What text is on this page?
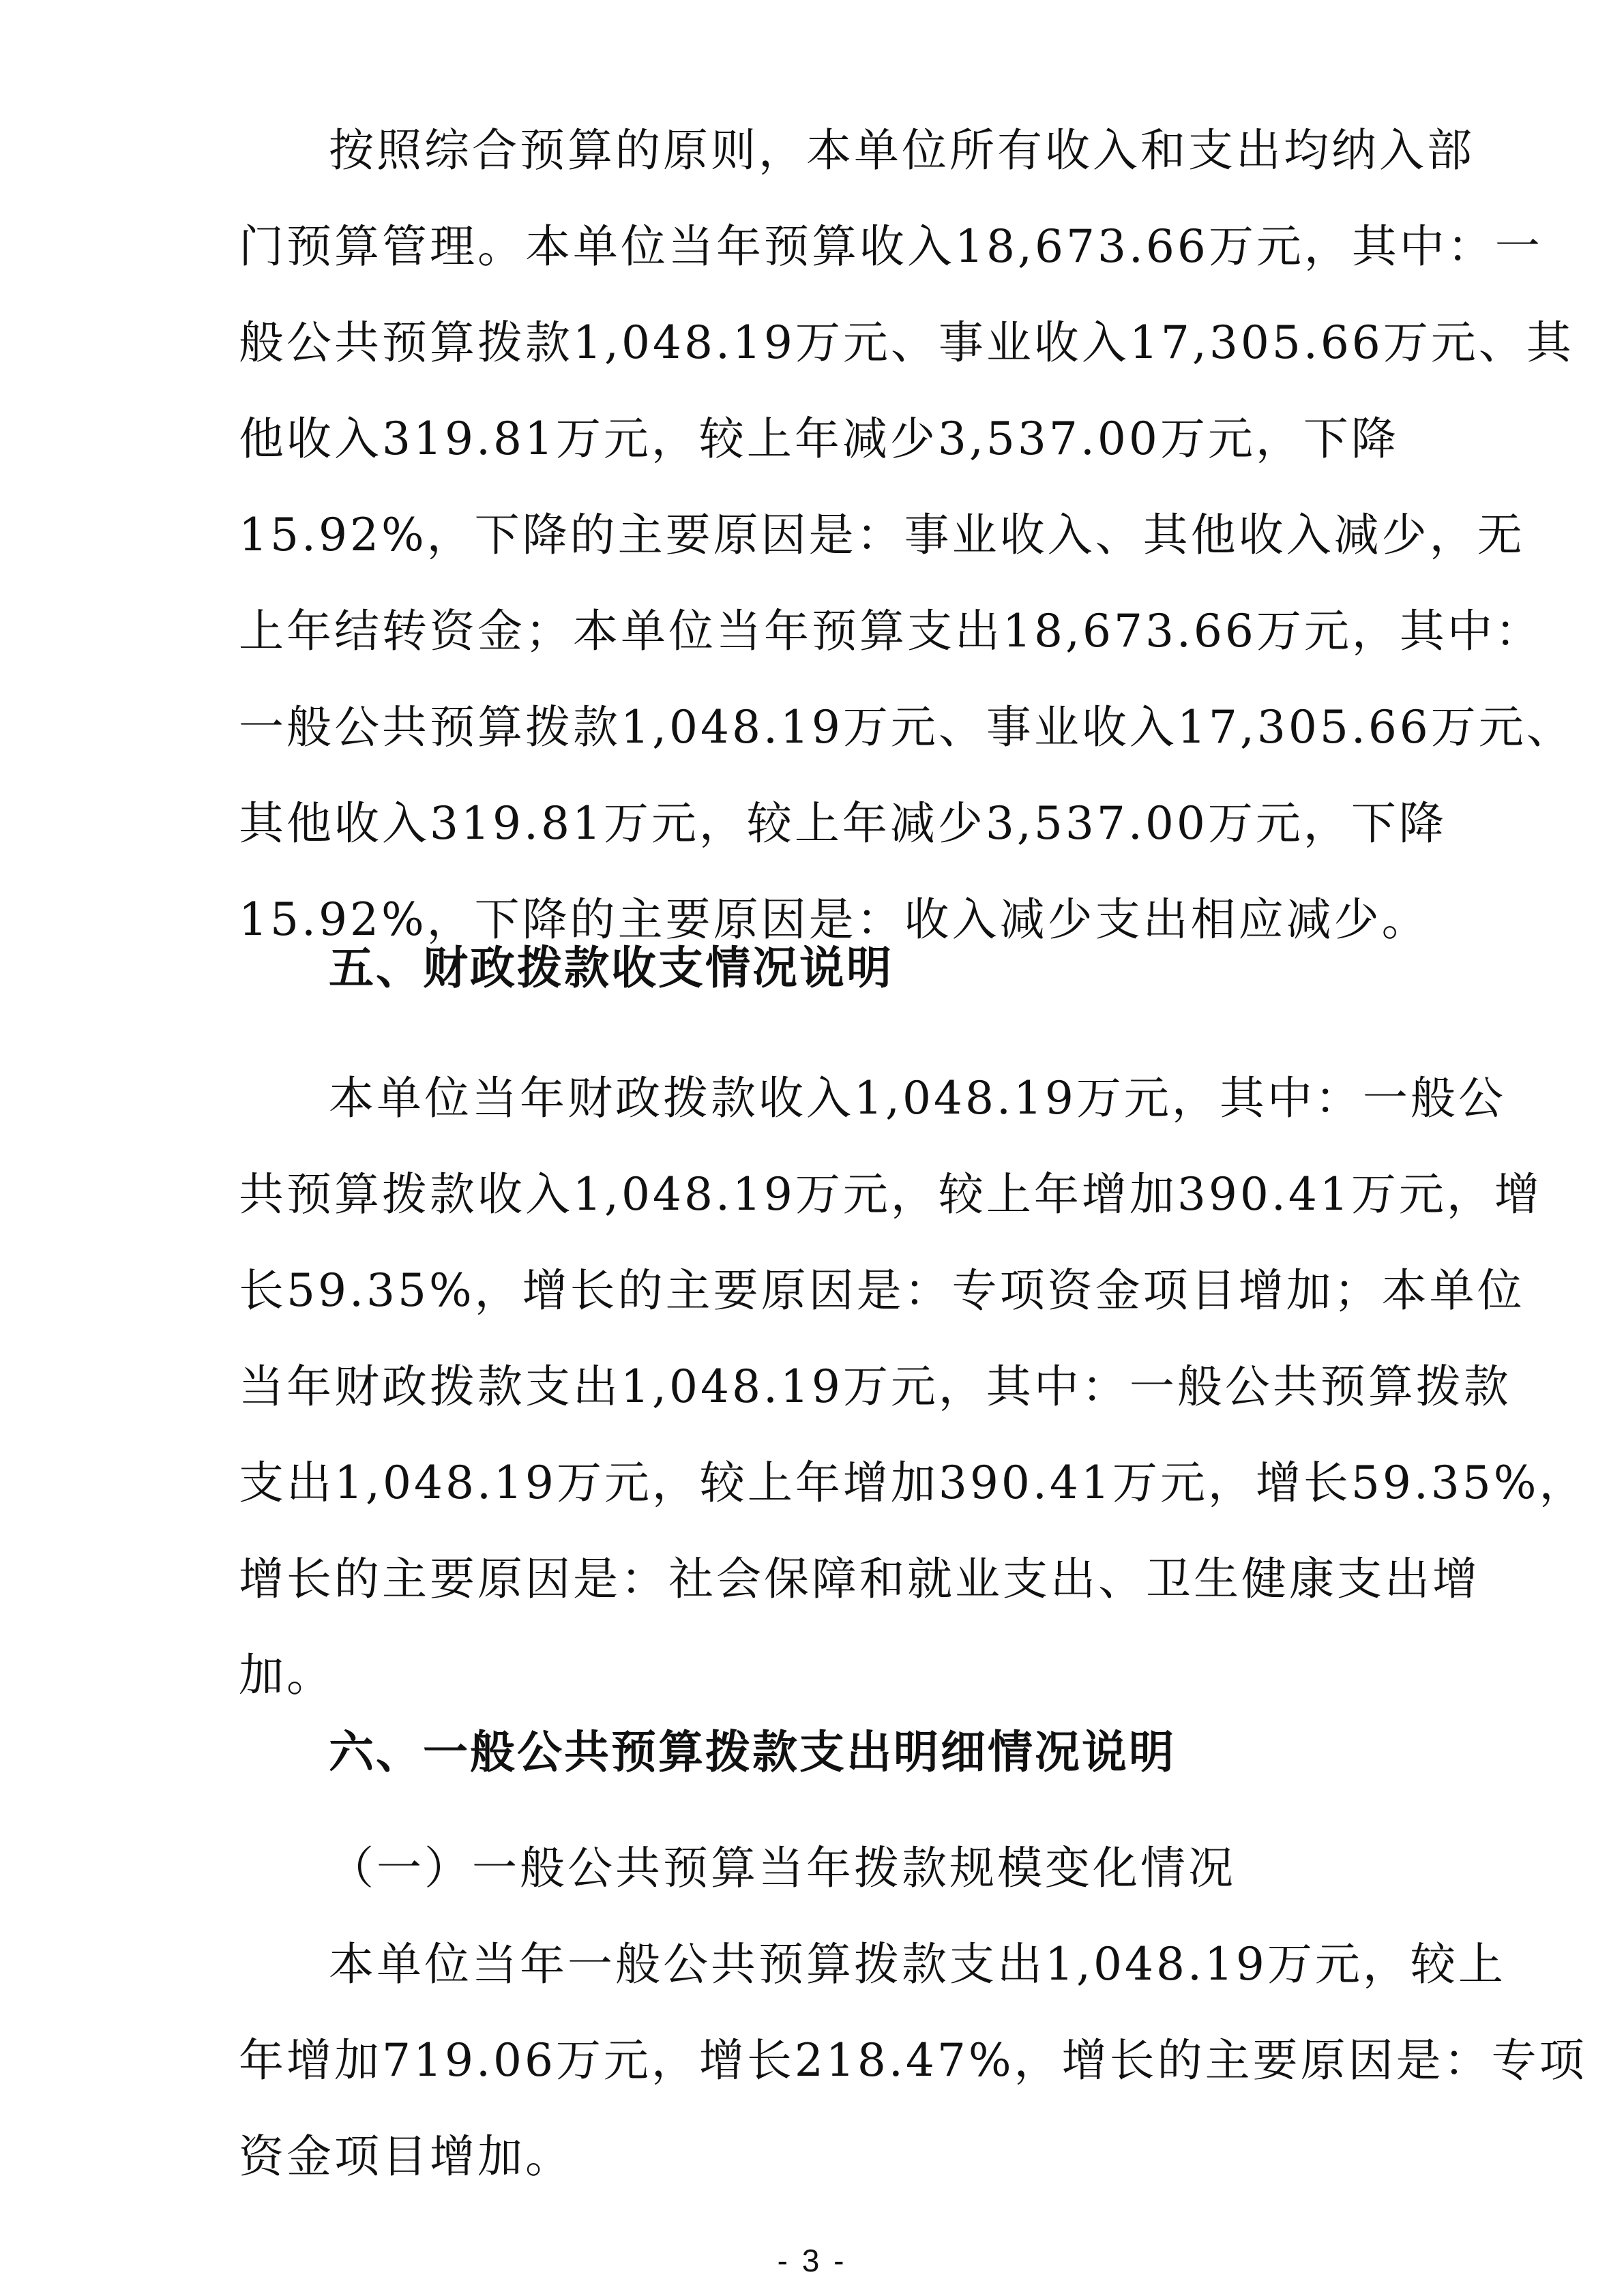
按照综合预算的原则，本单位所有收入和支出均纳入部
门预算管理。本单位当年预算收入18,673.66万元，其中：一
般公共预算拨款1,048.19万元、事业收入17,305.66万元、其
他收入319.81万元，较上年减少3,537.00万元，下降
15.92%，下降的主要原因是：事业收入、其他收入减少，无
上年结转资金；本单位当年预算支出18,673.66万元，其中：
一般公共预算拨款1,048.19万元、事业收入17,305.66万元、
其他收入319.81万元，较上年减少3,537.00万元，下降
15.92%，下降的主要原因是：收入减少支出相应减少。
五、财政拨款收支情况说明
本单位当年财政拨款收入1,048.19万元，其中：一般公
共预算拨款收入1,048.19万元，较上年增加390.41万元，增
长59.35%，增长的主要原因是：专项资金项目增加；本单位
当年财政拨款支出1,048.19万元，其中：一般公共预算拨款
支出1,048.19万元，较上年增加390.41万元，增长59.35%，
增长的主要原因是：社会保障和就业支出、卫生健康支出增
加。
六、一般公共预算拨款支出明细情况说明
（一）一般公共预算当年拨款规模变化情况
本单位当年一般公共预算拨款支出1,048.19万元，较上
年增加719.06万元，增长218.47%，增长的主要原因是：专项
资金项目增加。
- 3 -
